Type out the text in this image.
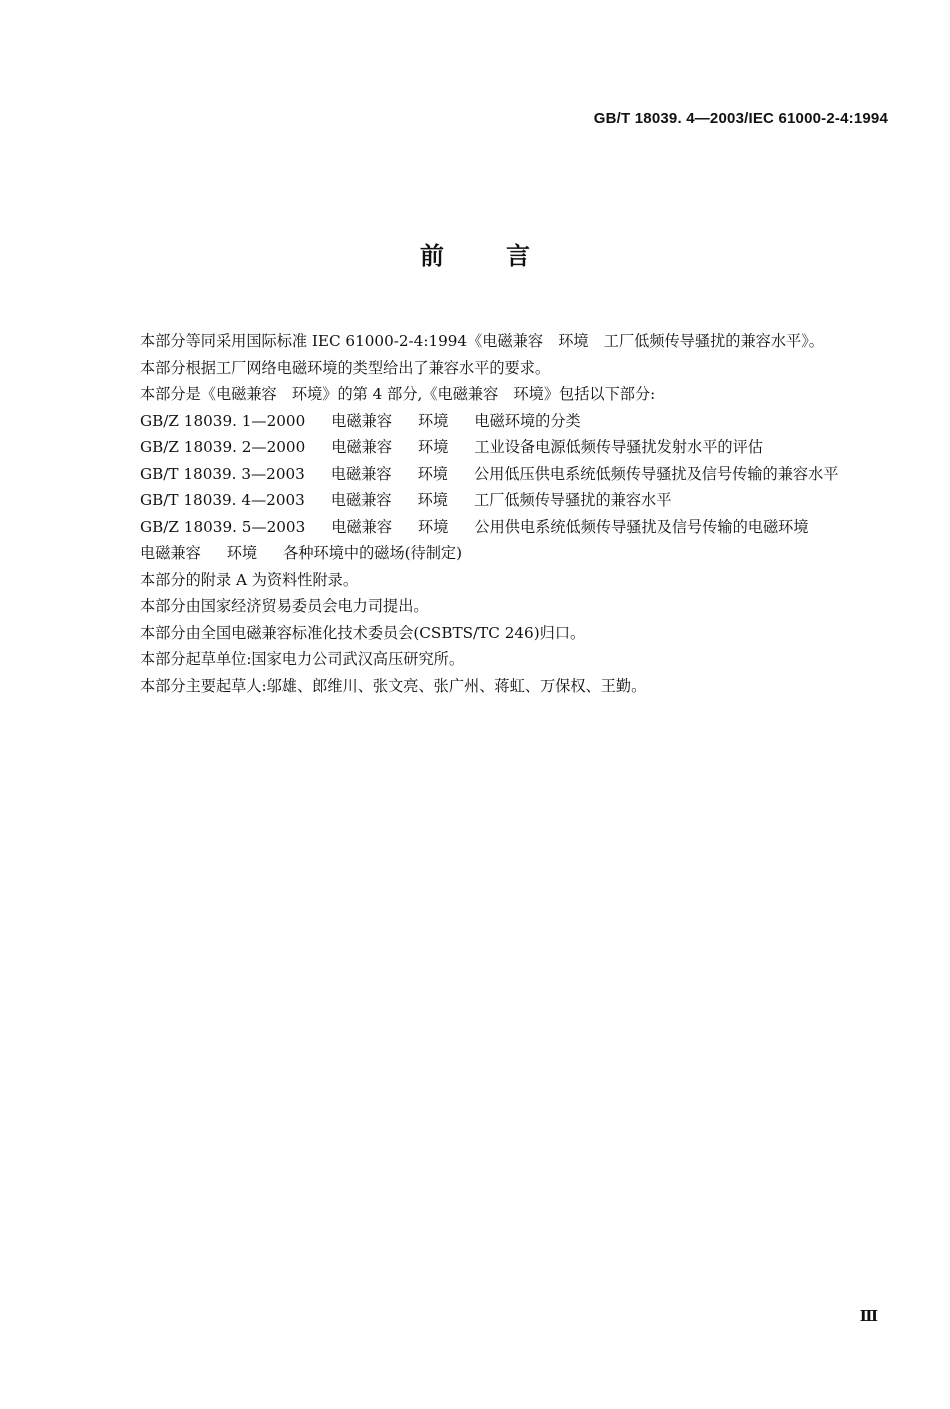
GB/T 18039. 4—2003/IEC 61000-2-4:1994
前言

本部分等同采用国际标准 IEC 61000-2-4:1994《电磁兼容　环境　工厂低频传导骚扰的兼容水平》。

本部分根据工厂网络电磁环境的类型给出了兼容水平的要求。

本部分是《电磁兼容　环境》的第 4 部分,《电磁兼容　环境》包括以下部分:

GB/Z 18039. 1—2000 电磁兼容 环境 电磁环境的分类

GB/Z 18039. 2—2000 电磁兼容 环境 工业设备电源低频传导骚扰发射水平的评估

GB/T 18039. 3—2003 电磁兼容 环境 公用低压供电系统低频传导骚扰及信号传输的兼容水平

GB/T 18039. 4—2003 电磁兼容 环境 工厂低频传导骚扰的兼容水平

GB/Z 18039. 5—2003 电磁兼容 环境 公用供电系统低频传导骚扰及信号传输的电磁环境

电磁兼容 环境 各种环境中的磁场(待制定)

本部分的附录 A 为资料性附录。

本部分由国家经济贸易委员会电力司提出。

本部分由全国电磁兼容标准化技术委员会(CSBTS/TC 246)归口。

本部分起草单位:国家电力公司武汉高压研究所。

本部分主要起草人:邬雄、郎维川、张文亮、张广州、蒋虹、万保权、王勤。

Ⅲ
